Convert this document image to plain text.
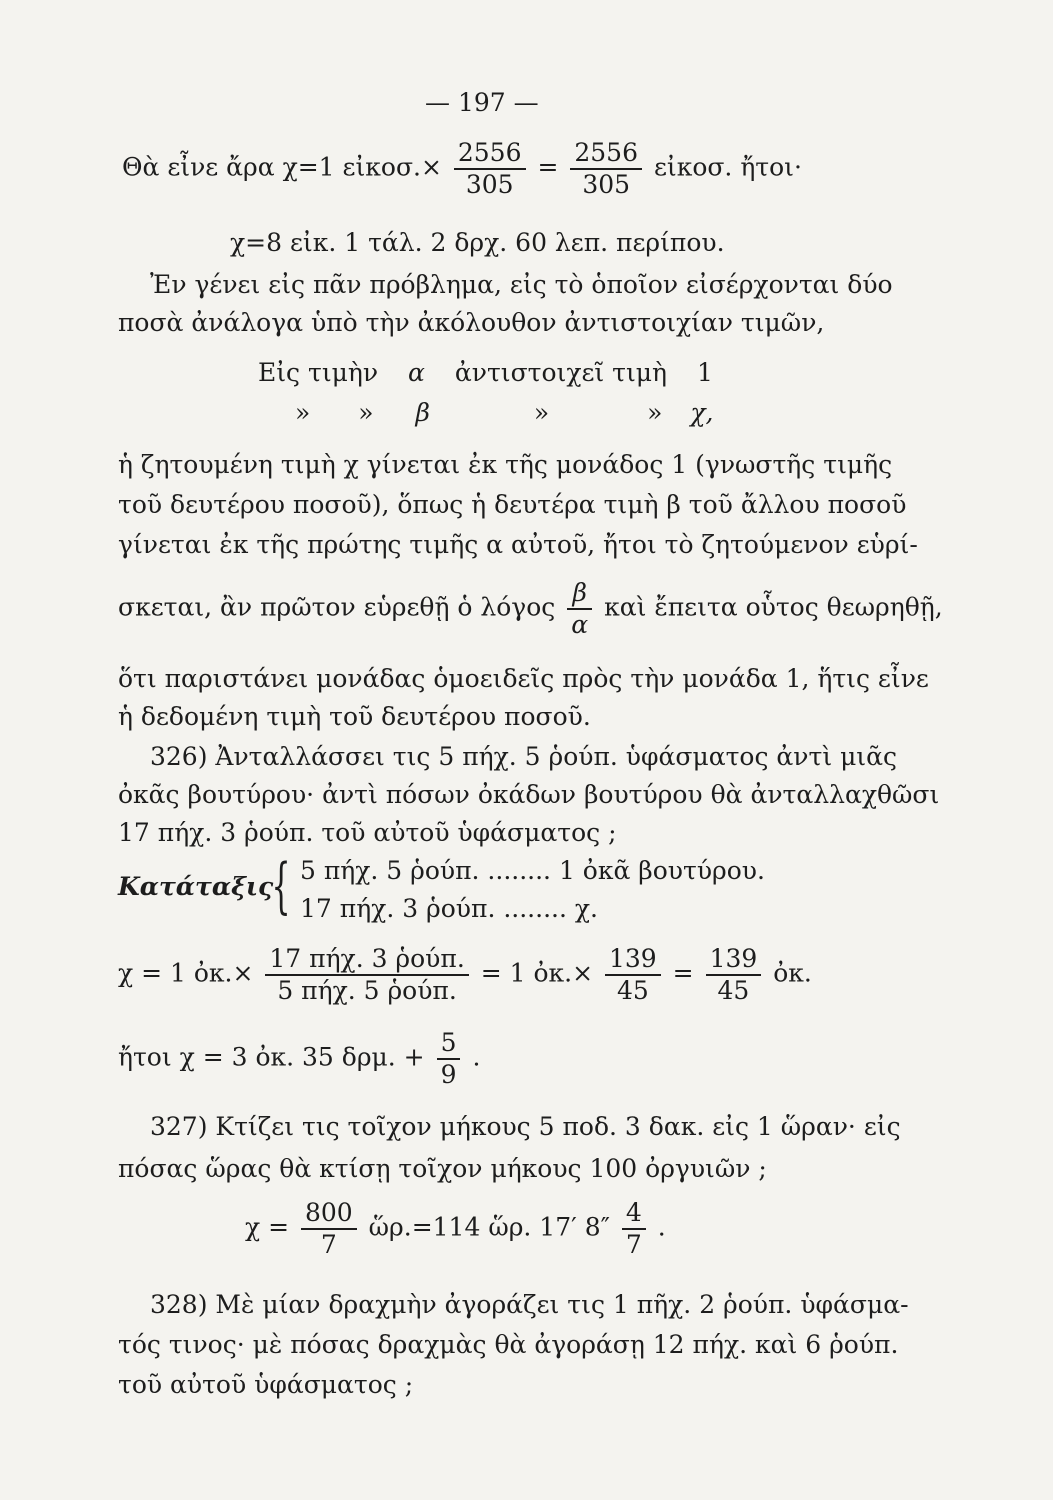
— 197 —
Θὰ εἶνε ἄρα χ=1 εἰκοσ.× $\frac{2556}{305} = \frac{2556}{305}$ εἰκοσ. ἤτοι·
χ=8 εἰκ. 1 τάλ. 2 δρχ. 60 λεπ. περίπου.
Ἐν γένει εἰς πᾶν πρόβλημα, εἰς τὸ ὁποῖον εἰσέρχονται δύο
ποσὰ ἀνάλογα ὑπὸ τὴν ἀκόλουθον ἀντιστοιχίαν τιμῶν,
Εἰς τιμὴν α ἀντιστοιχεῖ τιμὴ 1
» » β	»	» χ,
ἡ ζητουμένη τιμὴ χ γίνεται ἐκ τῆς μονάδος 1 (γνωστῆς τιμῆς
τοῦ δευτέρου ποσοῦ), ὅπως ἡ δευτέρα τιμὴ β τοῦ ἄλλου ποσοῦ
γίνεται ἐκ τῆς πρώτης τιμῆς α αὐτοῦ, ἤτοι τὸ ζητούμενον εὑρί-
σκεται, ἂν πρῶτον εὑρεθῇ ὁ λόγος $\frac{\beta}{\alpha}$ καὶ ἔπειτα οὗτος θεωρηθῇ,
ὅτι παριστάνει μονάδας ὁμοειδεῖς πρὸς τὴν μονάδα 1, ἥτις εἶνε
ἡ δεδομένη τιμὴ τοῦ δευτέρου ποσοῦ.
326) Ἀνταλλάσσει τις 5 πήχ. 5 ῥούπ. ὑφάσματος ἀντὶ μιᾶς
ὀκᾶς βουτύρου· ἀντὶ πόσων ὀκάδων βουτύρου θὰ ἀνταλλαχθῶσι
17 πήχ. 3 ῥούπ. τοῦ αὐτοῦ ὑφάσματος ;
Κατάταξις
{ 5 πήχ. 5 ῥούπ. ........ 1 ὀκᾶ βουτύρου.
17 πήχ. 3 ῥούπ. ........ χ.
χ = 1 ὀκ.× $\frac{\text{17 πήχ. 3 ῥούπ.}}{\text{5 πήχ. 5 ῥούπ.}} = 1$ ὀκ.× $\frac{139}{45} = \frac{139}{45}$ ὀκ.
ἤτοι χ = 3 ὀκ. 35 δρμ. + $\frac{5}{9}$ .
327) Κτίζει τις τοῖχον μήκους 5 ποδ. 3 δακ. εἰς 1 ὥραν· εἰς
πόσας ὥρας θὰ κτίσῃ τοῖχον μήκους 100 ὀργυιῶν ;
$\chi = \frac{800}{7}$ ὥρ.=114 ὥρ. 17′ $8'' \frac{4}{7}$ .
328) Μὲ μίαν δραχμὴν ἀγοράζει τις 1 πῆχ. 2 ῥούπ. ὑφάσμα-
τός τινος· μὲ πόσας δραχμὰς θὰ ἀγοράσῃ 12 πήχ. καὶ 6 ῥούπ.
τοῦ αὐτοῦ ὑφάσματος ;
